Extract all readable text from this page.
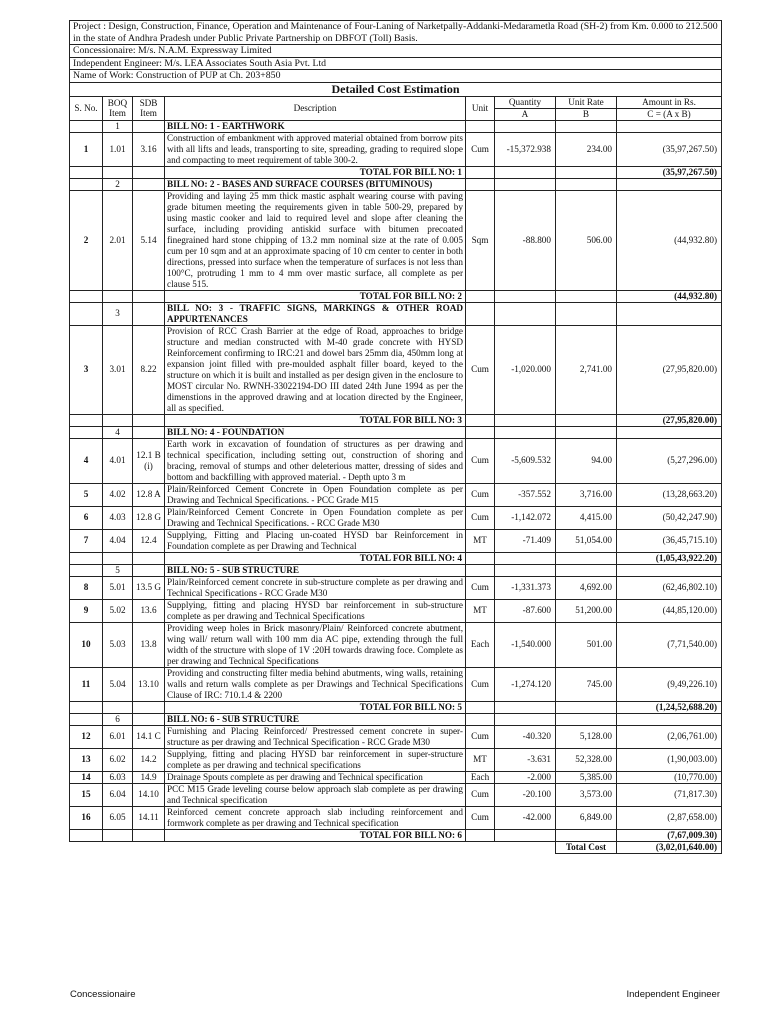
Project : Design, Construction, Finance, Operation and Maintenance of Four-Laning of Narketpally-Addanki-Medarametla Road (SH-2) from Km. 0.000 to 212.500 in the state of Andhra Pradesh under Public Private Partnership on DBFOT (Toll) Basis.							
Concessionaire: M/s. N.A.M. Expressway Limited							
Independent Engineer: M/s. LEA Associates South Asia Pvt. Ltd							
Name of Work: Construction of PUP at Ch. 203+850							
Detailed Cost Estimation							
S. No.	BOQ Item	SDB Item	Description	Unit	Quantity	Unit Rate	Amount in Rs.
					A	B	C = (A x B)
	1		BILL NO: 1 - EARTHWORK				
1	1.01	3.16	Construction of embankment with approved material obtained from borrow pits with all lifts and leads, transporting to site, spreading, grading to required slope and compacting to meet requirement of table 300-2.	Cum	-15,372.938	234.00	(35,97,267.50)
			TOTAL FOR BILL NO: 1				(35,97,267.50)
	2		BILL NO: 2 - BASES AND SURFACE COURSES (BITUMINOUS)				
2	2.01	5.14	Providing and laying 25 mm thick mastic asphalt wearing course with paving grade bitumen meeting the requirements given in table 500-29, prepared by using mastic cooker and laid to required level and slope after cleaning the surface, including providing antiskid surface with bitumen precoated finegrained hard stone chipping of 13.2 mm nominal size at the rate of 0.005 cum per 10 sqm and at an approximate spacing of 10 cm center to center in both directions, pressed into surface when the temperature of surfaces is not less than 100°C, protruding 1 mm to 4 mm over mastic surface, all complete as per clause 515.	Sqm	-88.800	506.00	(44,932.80)
			TOTAL FOR BILL NO: 2				(44,932.80)
	3		BILL NO: 3 - TRAFFIC SIGNS, MARKINGS & OTHER ROAD APPURTENANCES				
3	3.01	8.22	Provision of RCC Crash Barrier at the edge of Road, approaches to bridge structure and median constructed with M-40 grade concrete with HYSD Reinforcement confirming to IRC:21 and dowel bars 25mm dia, 450mm long at expansion joint filled with pre-moulded asphalt filler board, keyed to the structure on which it is built and installed as per design given in the enclosure to MOST circular No. RWNH-33022194-DO III dated 24th June 1994 as per the dimenstions in the approved drawing and at location directed by the Engineer, all as specified.	Cum	-1,020.000	2,741.00	(27,95,820.00)
			TOTAL FOR BILL NO: 3				(27,95,820.00)
	4		BILL NO: 4 - FOUNDATION				
4	4.01	12.1 B (i)	Earth work in excavation of foundation of structures as per drawing and technical specification, including setting out, construction of shoring and bracing, removal of stumps and other deleterious matter, dressing of sides and bottom and backfilling with approved material. - Depth upto 3 m	Cum	-5,609.532	94.00	(5,27,296.00)
5	4.02	12.8 A	Plain/Reinforced Cement Concrete in Open Foundation complete as per Drawing and Technical Specifications. - PCC Grade M15	Cum	-357.552	3,716.00	(13,28,663.20)
6	4.03	12.8 G	Plain/Reinforced Cement Concrete in Open Foundation complete as per Drawing and Technical Specifications. - RCC Grade M30	Cum	-1,142.072	4,415.00	(50,42,247.90)
7	4.04	12.4	Supplying, Fitting and Placing un-coated HYSD bar Reinforcement in Foundation complete as per Drawing and Technical	MT	-71.409	51,054.00	(36,45,715.10)
			TOTAL FOR BILL NO: 4				(1,05,43,922.20)
	5		BILL NO: 5 - SUB STRUCTURE				
8	5.01	13.5 G	Plain/Reinforced cement concrete in sub-structure complete as per drawing and Technical Specifications - RCC Grade M30	Cum	-1,331.373	4,692.00	(62,46,802.10)
9	5.02	13.6	Supplying, fitting and placing HYSD bar reinforcement in sub-structure complete as per drawing and Technical Specifications	MT	-87.600	51,200.00	(44,85,120.00)
10	5.03	13.8	Providing weep holes in Brick masonry/Plain/ Reinforced concrete abutment, wing wall/ return wall with 100 mm dia AC pipe, extending through the full width of the structure with slope of 1V :20H towards drawing foce. Complete as per drawing and Technical Specifications	Each	-1,540.000	501.00	(7,71,540.00)
11	5.04	13.10	Providing and constructing filter media behind abutments, wing walls, retaining walls and return walls complete as per Drawings and Technical Specifications Clause of IRC: 710.1.4 & 2200	Cum	-1,274.120	745.00	(9,49,226.10)
			TOTAL FOR BILL NO: 5				(1,24,52,688.20)
	6		BILL NO: 6 - SUB STRUCTURE				
12	6.01	14.1 C	Furnishing and Placing Reinforced/ Prestressed cement concrete in super-structure as per drawing and Technical Specification - RCC Grade M30	Cum	-40.320	5,128.00	(2,06,761.00)
13	6.02	14.2	Supplying, fitting and placing HYSD bar reinforcement in super-structure complete as per drawing and technical specifications	MT	-3.631	52,328.00	(1,90,003.00)
14	6.03	14.9	Drainage Spouts complete as per drawing and Technical specification	Each	-2.000	5,385.00	(10,770.00)
15	6.04	14.10	PCC M15 Grade leveling course below approach slab complete as per drawing and Technical specification	Cum	-20.100	3,573.00	(71,817.30)
16	6.05	14.11	Reinforced cement concrete approach slab including reinforcement and formwork complete as per drawing and Technical specification	Cum	-42.000	6,849.00	(2,87,658.00)
			TOTAL FOR BILL NO: 6				(7,67,009.30)
						Total Cost	(3,02,01,640.00)
Concessionaire	Independent Engineer
